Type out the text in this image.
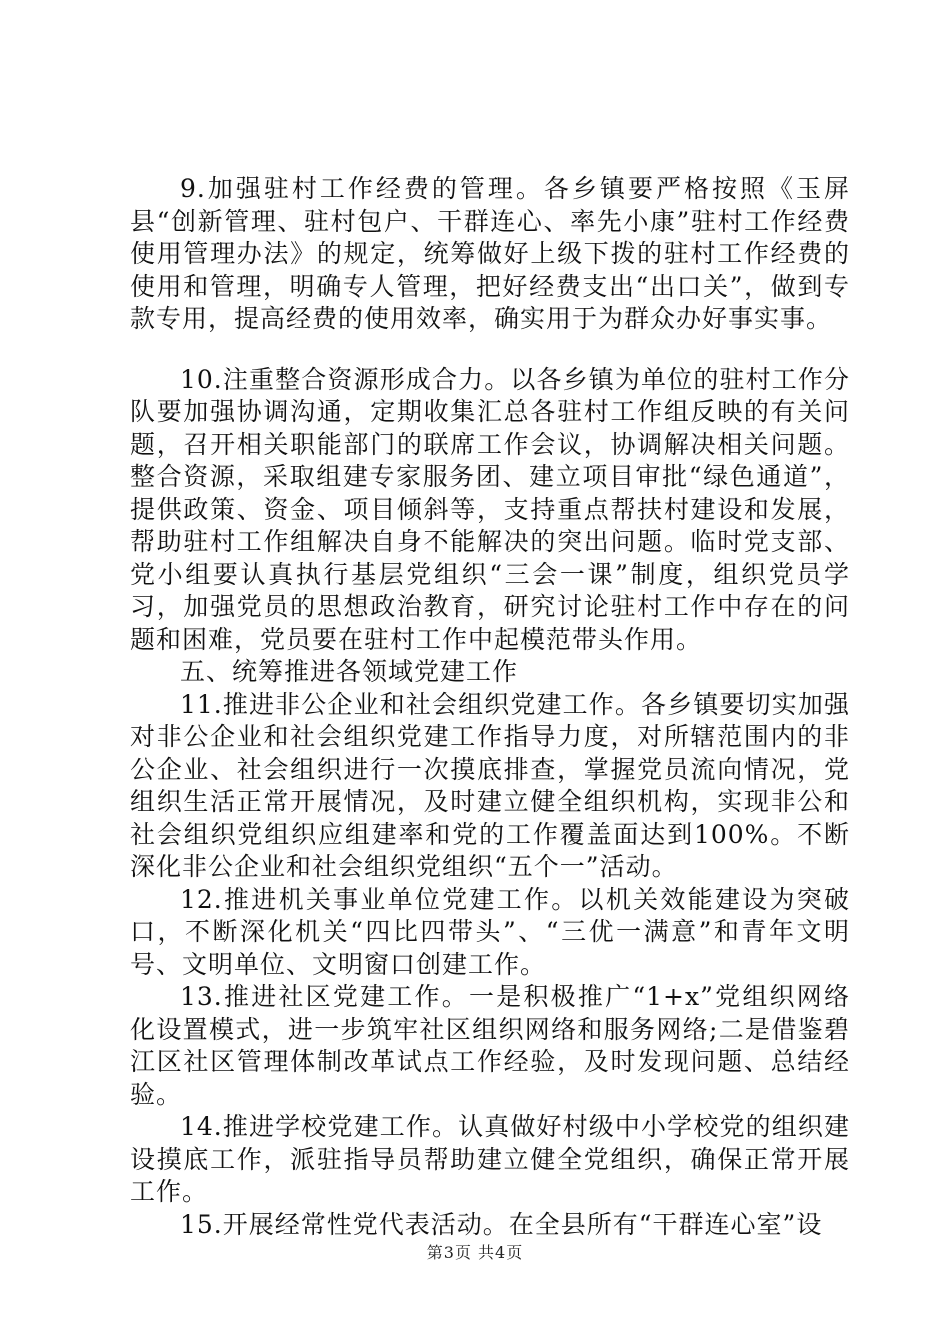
9.加强驻村工作经费的管理。各乡镇要严格按照《玉屏县“创新管理、驻村包户、干群连心、率先小康”驻村工作经费使用管理办法》的规定，统筹做好上级下拨的驻村工作经费的使用和管理，明确专人管理，把好经费支出“出口关”，做到专款专用，提高经费的使用效率，确实用于为群众办好事实事。

10.注重整合资源形成合力。以各乡镇为单位的驻村工作分队要加强协调沟通，定期收集汇总各驻村工作组反映的有关问题，召开相关职能部门的联席工作会议，协调解决相关问题。整合资源，采取组建专家服务团、建立项目审批“绿色通道”，提供政策、资金、项目倾斜等，支持重点帮扶村建设和发展，帮助驻村工作组解决自身不能解决的突出问题。临时党支部、党小组要认真执行基层党组织“三会一课”制度，组织党员学习，加强党员的思想政治教育，研究讨论驻村工作中存在的问题和困难，党员要在驻村工作中起模范带头作用。

五、统筹推进各领域党建工作

11.推进非公企业和社会组织党建工作。各乡镇要切实加强对非公企业和社会组织党建工作指导力度，对所辖范围内的非公企业、社会组织进行一次摸底排查，掌握党员流向情况，党组织生活正常开展情况，及时建立健全组织机构，实现非公和社会组织党组织应组建率和党的工作覆盖面达到100%。不断深化非公企业和社会组织党组织“五个一”活动。

12.推进机关事业单位党建工作。以机关效能建设为突破口，不断深化机关“四比四带头”、“三优一满意”和青年文明号、文明单位、文明窗口创建工作。

13.推进社区党建工作。一是积极推广“1+x”党组织网络化设置模式，进一步筑牢社区组织网络和服务网络;二是借鉴碧江区社区管理体制改革试点工作经验，及时发现问题、总结经验。

14.推进学校党建工作。认真做好村级中小学校党的组织建设摸底工作，派驻指导员帮助建立健全党组织，确保正常开展工作。

15.开展经常性党代表活动。在全县所有“干群连心室”设

第3页 共4页
